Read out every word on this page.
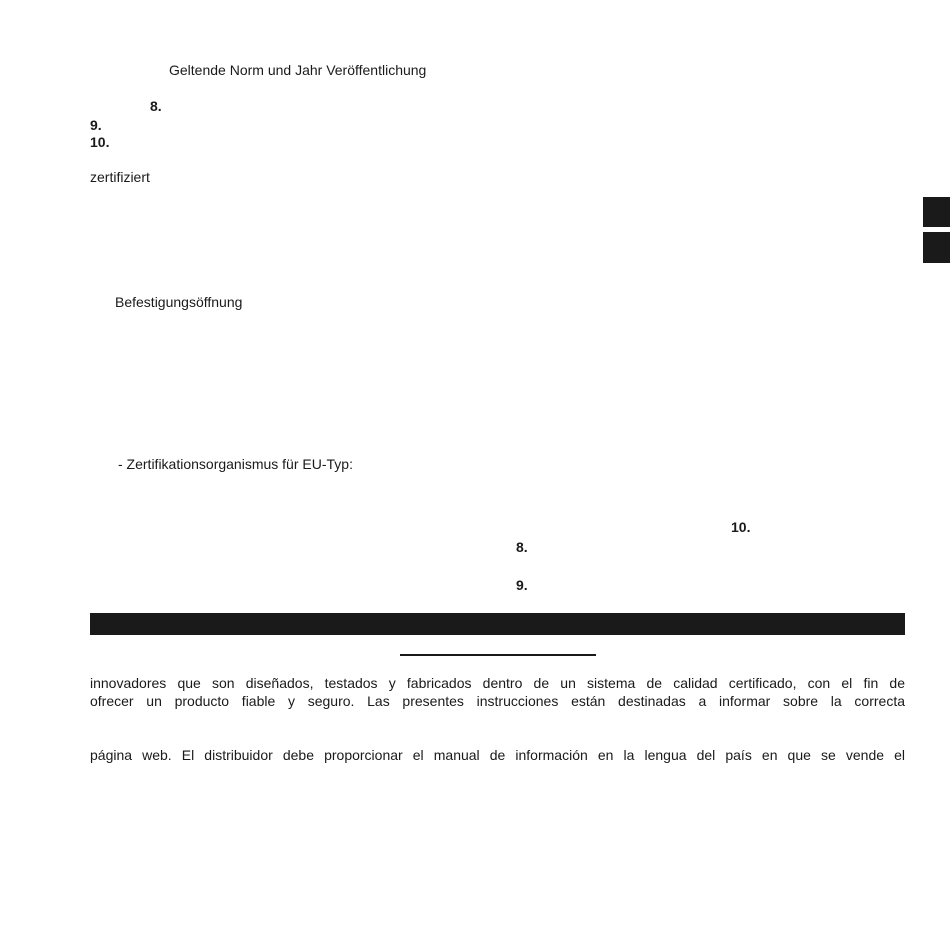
Geltende Norm und Jahr Veröffentlichung
8.
9.
10.
zertifiziert
Befestigungsöffnung
- Zertifikationsorganismus für EU-Typ:
10.
8.
9.
innovadores que son diseñados, testados y fabricados dentro de un sistema de calidad certificado, con el fin de
ofrecer un producto fiable y seguro. Las presentes instrucciones están destinadas a informar sobre la correcta
página web. El distribuidor debe proporcionar el manual de información en la lengua del país en que se vende el
